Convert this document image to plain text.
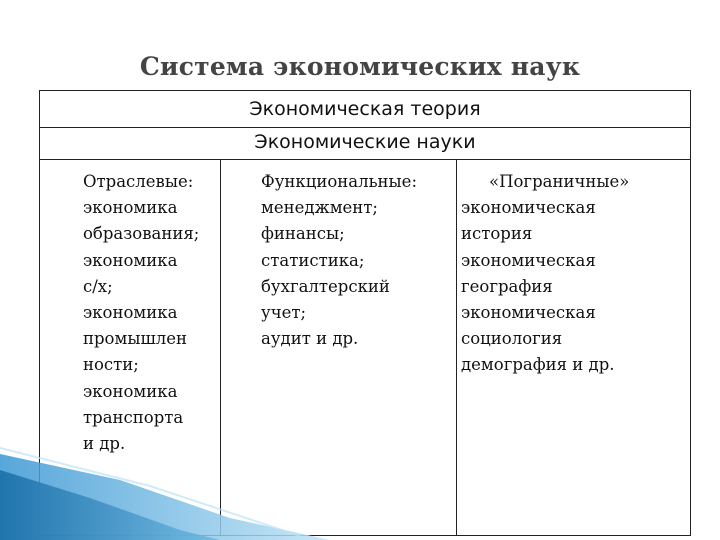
Система экономических наук
Экономическая теория
Экономические науки
Отраслевые:
экономика
образования;
экономика
с/х;
экономика
промышлен
ности;
экономика
транспорта
и др.
Функциональные:
менеджмент;
финансы;
статистика;
бухгалтерский
учет;
аудит и др.
«Пограничные»
экономическая
история
экономическая
география
экономическая
социология
демография и др.
